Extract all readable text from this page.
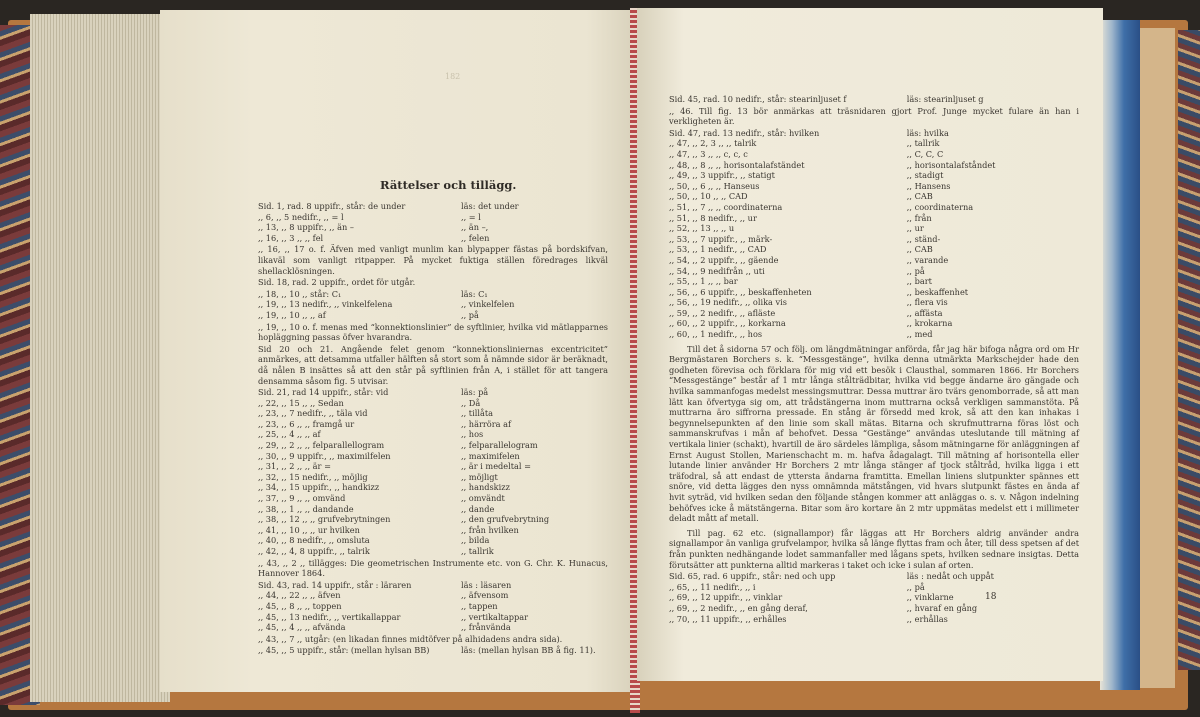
182
Rättelser och tillägg.
Sid. 1, rad. 8 uppifr., står: de under	läs: det under
,, 6, ,, 5 nedifr., ,, = l	,, = l
,, 13, ,, 8 uppifr., ,, än –	,, än –,
,, 16, ,, 3 ,, ,, fel	,, felen
,, 16, ,, 17 o. f. Äfven med vanligt munlim kan blypapper fästas på bordskifvan, likaväl som vanligt ritpapper. På mycket fuktiga ställen föredrages likväl shellacklösningen.
Sid. 18, rad. 2 uppifr., ordet för utgår.
,, 18, ,, 10 ,, står: C₁	läs: C₁
,, 19, ,, 13 nedifr., ,, vinkelfelena	,, vinkelfelen
,, 19, ,, 10 ,, ,, af	,, på
,, 19, ,, 10 o. f. menas med “konnektionslinier” de syftlinier, hvilka vid mätlapparnes hopläggning passas öfver hvarandra.
Sid 20 och 21. Angående felet genom “konnektionsliniernas excentricitet” anmärkes, att detsamma utfaller hälften så stort som å nämnde sidor är beräknadt, då nålen B insättes så att den står på syftlinien från A, i stället för att tangera densamma såsom fig. 5 utvisar.
Sid. 21, rad 14 uppifr., står: vid	läs: på
,, 22, ,, 15 ,, ,, Sedan	,, Då
,, 23, ,, 7 nedifr., ,, täla vid	,, tillåta
,, 23, ,, 6 ,, ,, framgå ur	,, härröra af
,, 25, ,, 4 ,, ,, af	,, hos
,, 29, ,, 2 ,, ,, felparallellogram	,, felparallelogram
,, 30, ,, 9 uppifr., ,, maximilfelen	,, maximifelen
,, 31, ,, 2 ,, ,, är =	,, är i medeltal =
,, 32, ,, 15 nedifr., ,, möjlig	,, möjligt
,, 34, ,, 15 uppifr., ,, handkizz	,, handskizz
,, 37, ,, 9 ,, ,, omvänd	,, omvändt
,, 38, ,, 1 ,, ,, dandande	,, dande
,, 38, ,, 12 ,, ,, grufvebrytningen	,, den grufvebrytning
,, 41, ,, 10 ,, ,, ur hvilken	,, från hvilken
,, 40, ,, 8 nedifr., ,, omsluta	,, bilda
,, 42, ,, 4, 8 uppifr., ,, talrik	,, tallrik
,, 43, ,, 2 ,, tillägges: Die geometrischen Instrumente etc. von G. Chr. K. Hunacus, Hannover 1864.
Sid. 43, rad. 14 uppifr., står : läraren	läs : läsaren
,, 44, ,, 22 ,, ,, äfven	,, äfvensom
,, 45, ,, 8 ,, ,, toppen	,, tappen
,, 45, ,, 13 nedifr., ,, vertikallappar	,, vertikaltappar
,, 45, ,, 4 ,, ,, afvända	,, frånvända
,, 43, ,, 7 ,, utgår: (en likadan finnes midtöfver på alhidadens andra sida).
,, 45, ,, 5 uppifr., står: (mellan hylsan BB)	läs: (mellan hylsan BB å fig. 11).
Sid. 45, rad. 10 nedifr., står: stearinljuset f	läs: stearinljuset g
,, 46. Till fig. 13 bör anmärkas att träsnidaren gjort Prof. Junge mycket fulare än han i verkligheten är.
Sid. 47, rad. 13 nedifr., står: hvilken	läs: hvilka
,, 47, ,, 2, 3 ,, ,, talrik	,, tallrik
,, 47, ,, 3 ,, ,, c, c, c	,, C, C, C
,, 48, ,, 8 ,, ,, horisontalafständet	,, horisontalafståndet
,, 49, ,, 3 uppifr., ,, statigt	,, stadigt
,, 50, ,, 6 ,, ,, Hanseus	,, Hansens
,, 50, ,, 10 ,, ,, CAD	,, CAB
,, 51, ,, 7 ,, ,, coordinaterna	,, coordinaterna
,, 51, ,, 8 nedifr., ,, ur	,, från
,, 52, ,, 13 ,, ,, u	,, ur
,, 53, ,, 7 uppifr., ,, märk-	,, ständ-
,, 53, ,, 1 nedifr., ,, CAD	,, CAB
,, 54, ,, 2 uppifr., ,, gäende	,, varande
,, 54, ,, 9 nedifrån ,, uti	,, på
,, 55, ,, 1 ,, ,, bar	,, bart
,, 56, ,, 6 uppifr., ,, beskaffenheten	,, beskaffenhet
,, 56, ,, 19 nedifr., ,, olika vis	,, flera vis
,, 59, ,, 2 nedifr., ,, afläste	,, affästa
,, 60, ,, 2 uppifr., ,, korkarna	,, krokarna
,, 60, ,, 1 nedifr., ,, hos	,, med
Till det å sidorna 57 och följ. om längdmätningar anförda, får jag här bifoga några ord om Hr Bergmästaren Borchers s. k. “Messgestänge”, hvilka denna utmärkta Markschejder hade den godheten förevisa och förklara för mig vid ett besök i Clausthal, sommaren 1866. Hr Borchers “Messgestänge” består af 1 mtr långa stålträdbitar, hvilka vid begge ändarne äro gängade och hvilka sammanfogas medelst messingsmuttrar. Dessa muttrar äro tvärs genomborrade, så att man lätt kan öfvertyga sig om, att trådstängerna inom muttrarna också verkligen sammanstöta. På muttrarna äro siffrorna pressade. En stång är försedd med krok, så att den kan inhakas i begynnelsepunkten af den linie som skall mätas. Bitarna och skrufmuttrarna föras löst och sammanskrufvas i mån af behofvet. Dessa “Gestänge” användas uteslutande till mätning af vertikala linier (schakt), hvartill de äro särdeles lämpliga, såsom mätningarne för anläggningen af Ernst August Stollen, Marienschacht m. m. hafva ådagalagt. Till mätning af horisontella eller lutande linier använder Hr Borchers 2 mtr långa stänger af tjock ståltråd, hvilka ligga i ett träfodral, så att endast de yttersta ändarna framtitta. Emellan liniens slutpunkter spännes ett snöre, vid detta lägges den nyss omnämnda mätstången, vid hvars slutpunkt fästes en ända af hvit syträd, vid hvilken sedan den följande stången kommer att anläggas o. s. v. Någon indelning behöfves icke å mätstängerna. Bitar som äro kortare än 2 mtr uppmätas medelst ett i millimeter deladt mått af metall.
Till pag. 62 etc. (signallampor) får läggas att Hr Borchers aldrig använder andra signallampor än vanliga grufvelampor, hvilka så länge flyttas fram och åter, till dess spetsen af det från punkten nedhängande lodet sammanfaller med lågans spets, hvilken sednare insigtas. Detta förutsätter att punkterna alltid markeras i taket och icke i sulan af orten.
Sid. 65, rad. 6 uppifr., står: ned och upp	läs : nedåt och uppåt
,, 65, ,, 11 nedifr., ,, i	,, på
,, 69, ,, 12 uppifr., ,, vinklar	,, vinklarne
,, 69, ,, 2 nedifr., ,, en gång deraf,	,, hvaraf en gång
,, 70, ,, 11 uppifr., ,, erhålles	,, erhållas
18
